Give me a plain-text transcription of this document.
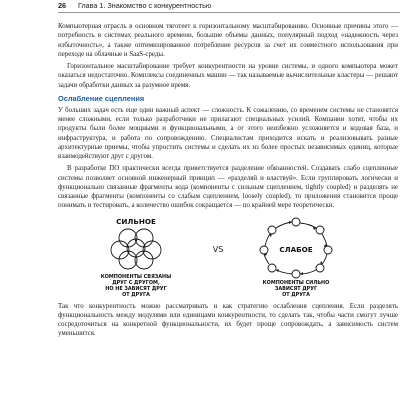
26 Глава 1. Знакомство с конкурентностью

Компьютерная отрасль в основном тяготеет к горизонтальному масштабированию. Основные причины этого — потребность в системах реального времени, большие объемы данных, популярный подход «надежность через избыточность», а также оптимизированное потребление ресурсов за счет их совместного использования при переходе на облачные и SaaS-среды.

Горизонтальное масштабирование требует конкурентности на уровне системы, и одного компьютера может оказаться недостаточно. Комплексы соединенных машин — так называемые вычислительные кластеры — решают задачи обработки данных за разумное время.

Ослабление сцепления

У больших задач есть еще один важный аспект — сложность. К сожалению, со временем системы не становятся менее сложными, если только разработчики не прилагают специальных усилий. Компании хотят, чтобы их продукты были более мощными и функциональными, а от этого неизбежно усложняется и кодовая база, и инфраструктура, и работа по сопровождению. Специалистам приходится искать и реализовывать разные архитектурные приемы, чтобы упростить системы и сделать их из более простых независимых единиц, которые взаимодействуют друг с другом.

В разработке ПО практически всегда приветствуется разделение обязанностей. Создавать слабо сцепленные системы позволяет основной инженерный принцип — «разделяй и властвуй». Если группировать логически и функционально связанные фрагменты кода (компоненты с сильным сцеплением, tightly coupled) и разделять не связанные фрагменты (компоненты со слабым сцеплением, loosely coupled), то приложения становится проще понимать и тестировать, а количество ошибок сокращается — по крайней мере теоретически.

СИЛЬНОЕ
КОМПОНЕНТЫ СВЯЗАНЫ
ДРУГ С ДРУГОМ,
НО НЕ ЗАВИСЯТ ДРУГ
ОТ ДРУГА
VS	СЛАБОЕ
КОМПОНЕНТЫ СИЛЬНО
ЗАВИСЯТ ДРУГ
ОТ ДРУГА

Так что конкурентность можно рассматривать и как стратегию ослабления сцепления. Если разделять функциональность между модулями или единицами конкурентности, то сделать так, чтобы части смогут лучше сосредоточиться на конкретной функциональности, их будет проще сопровождать, а зависимость систем уменьшится.
